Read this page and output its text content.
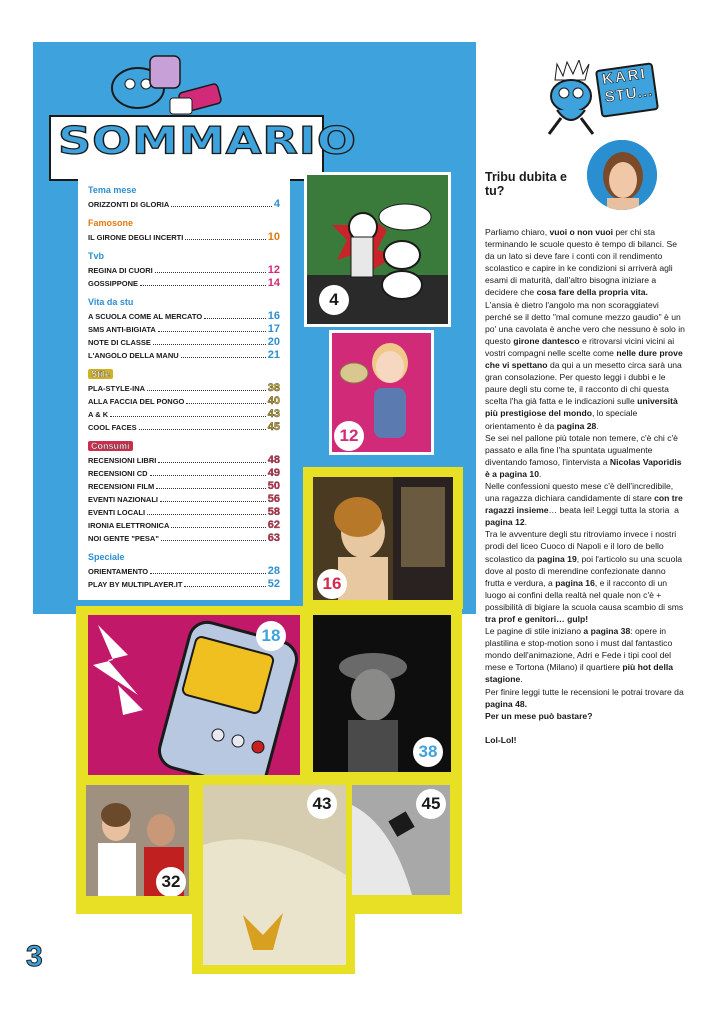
SOMMARIO
KARI
STU...
Tema mese
ORIZZONTI DI GLORIA	4
Famosone
IL GIRONE DEGLI INCERTI	10
Tvb
REGINA DI CUORI	12
GOSSIPPONE	14
Vita da stu
A SCUOLA COME AL MERCATO	16
SMS ANTI-BIGIATA	17
NOTE DI CLASSE	20
L'ANGOLO DELLA MANU	21
Stile
PLA-STYLE-INA	38
ALLA FACCIA DEL PONGO	40
A & K	43
COOL FACES	45
Consumi
RECENSIONI LIBRI	48
RECENSIONI CD	49
RECENSIONI FILM	50
EVENTI NAZIONALI	56
EVENTI LOCALI	58
IRONIA ELETTRONICA	62
NOI GENTE "PESA"	63
Speciale
ORIENTAMENTO	28
PLAY BY MULTIPLAYER.IT	52
4
12
16
18
38
32
43	45
Tribu dubita e tu?
Parliamo chiaro, vuoi o non vuoi per chi sta terminando le scuole questo è tempo di bilanci. Se da un lato si deve fare i conti con il rendimento scolastico e capire in ke condizioni si arriverà agli esami di maturità, dall'altro bisogna iniziare a decidere che cosa fare della propria vita.
L'ansia è dietro l'angolo ma non scoraggiatevi perché se il detto "mal comune mezzo gaudio" è un po' una cavolata è anche vero che nessuno è solo in questo girone dantesco e ritrovarsi vicini vicini ai vostri compagni nelle scelte come nelle dure prove che vi spettano da qui a un mesetto circa sarà una gran consolazione. Per questo leggi i dubbi e le paure degli stu come te, il racconto di chi questa scelta l'ha già fatta e le indicazioni sulle università più prestigiose del mondo, lo speciale orientamento è da pagina 28.
Se sei nel pallone più totale non temere, c'è chi c'è passato e alla fine l'ha spuntata ugualmente diventando famoso, l'intervista a Nicolas Vaporidis è a pagina 10.
Nelle confessioni questo mese c'è dell'incredibile, una ragazza dichiara candidamente di stare con tre ragazzi insieme… beata lei! Leggi tutta la storia  a pagina 12.
Tra le avventure degli stu ritroviamo invece i nostri prodi del liceo Cuoco di Napoli e il loro de bello scolastico da pagina 19, poi l'articolo su una scuola dove al posto di merendine confezionate danno frutta e verdura, a pagina 16, e il racconto di un luogo ai confini della realtà nel quale non c'è + possibilità di bigiare la scuola causa scambio di sms tra prof e genitori… gulp!
Le pagine di stile iniziano a pagina 38: opere in plastilina e stop-motion sono i must dal fantastico mondo dell'animazione, Adri e Fede i tipi cool del mese e Tortona (Milano) il quartiere più hot della stagione.
Per finire leggi tutte le recensioni le potrai trovare da pagina 48.
Per un mese può bastare?
Lol-Lol!
3
